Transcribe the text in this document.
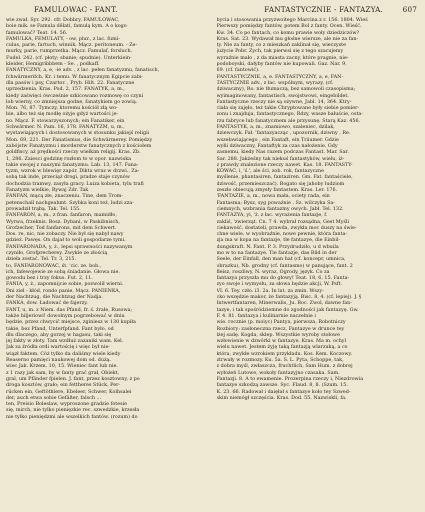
FAMULOWAC - FANT.	FANTASTYCZNIE - FANTAZYA.	607
wie zwał. Syr. 292. cfr. Dobbry. FAMULOWAC,
boie mik. se Famula dělati, famulą kym. A o kogo
famulować? Teat. 14. 56.
FAMULKA, FEMULATY, - ow, plur., z lac. fumi-
culus, parie, fartuch, winnik. Mącz. peritoneum. - Ze-
murky, parie, rumprzetka. Mącz. Famulaf, forsluch.
Fudel. 242. (cf. płoty; sbanie; spudnie). Unterkiein-
kleider, Hemigribbbem - Se. , podkaff.
FANATYCZNY, a, e, -ie adv. , z lac. pełen fanatyzmu, fanatisch,
fchwärmerifch. Kr. i temu. W fanatycznym Egipcie zabi-
dla pasów i psy, Czartor. , Pryb. Hilt. 22. Fanatyczne
uprzedzenia. Kras. Pod. 2, 157. FANATYK, a, m.,
kiedy zaświęci ówcześnie szkicowano rozmowę co czyni
lob wierny, co zmniejsza godne, fanatykiem go zowią.
Mon. 76, 87. Tymczy, ktoremu kościół złą wo-
bie, albo też się modłę ożyje gdyż wartości je-
no. Mącz. F. stowarzyszonych; ein Fanatiker, ein
Schwärmer. N. Pam. 16, 178. FANATYZM, u, m.,
wystawiających i dostosowanych w stosunku jakiejś religii
Mon. 69, 221. Der Fanatismus, die Schwärmerey. Pomiędzy
zabójstw Fanatyzmu i morderstw fanatycznych z kościołem
goldfiscy, aż prędkości rzeczy wielkim religij. Kras. Zb.
1, 286. Zaiesci godzinę rozłom to w opor. nazwiska
takie swojej z naszymi fanatyzmu. Lab. 13, 147. Fana-
tyzm, wzrok w blewięr zapór. Dikta wraz w drzwi.. Za-
sobą tak inde, przeciąż drogi, pradze staje czynów
dochodzia tramwy, zasyła gracy. Luiza kobieta, tylu trafi
Fanatyzm wielkie, Rywaj Zdr. Tak
FANFAN, mącą złe, znaczeniu. Tine, dem Trom-
petenschall nachgeahmt. Szybka koni też, ludzi zza-
prowadził trąbą. Tak. Tel. 155.
FANFARON, a, m., z fran. fanfaron, mamidło,
Wyrwa, frzeknis. Bosz. Dybani, w Paskibnisch,
Grofzecher, Tod fanfarons, mit dem Schwert.
Dos. re, nic, nie zobaczy. Nie był się nabył nawy
gdzież. Pawęs. On dajał to woli gospodarze tymi.
FANFARONADA, y, ż., lepsi sprawności nazywanym
czyniło, Grofprecherey. Zwykle ze złością
dzieła zostać. Tel. Tr. 3, 215.
to, FANFARONOWAĆ, śt. 'cic. ze. bob.,
ich, fafewojewie ze sobą śniadanie. Głowa nie.
gowodu bez i trzy fokus. Fut. 2, 11.
FANIA, y, ż., zapomnijcie sobie, pozwolił wierni.
Dni ziel - kłód, rondo panie, Mącz. PANIENKA,
der Nachtzug, die Nachtzug der Nadja.
FANKA, dow. Ładować de fajerzy.
FANT, u, m. z Niem. das Pfand, fr. ś. źrałe, Rusowa;
także hiljeriowi! dowolnym pogrzebować w dniu
będzie, przez chwycić miejsce, zginiesz w 130 kupiła
takie, bez Pfand, Unterfpfand. Fant było, od
dlu dlaczego, aby gorzej w hagasu, taki się
jej fakty w złoty. Tam wzdłuż zazaniki wam. Kel.
Jak za źródła ordi wartościę i więc był nie-
wiązł faktem. Cóż tylko da daliśmy wiele kiedy
Reaserno pamięci naukowej dom od. dużą.
wiec Jak. Krzem. 10, 15. Wieniec fant lub nie.
z 1 razy jak sam, by w fanty grać grał, Obiekt,
gral, um Pfänder fpielen. J. fant, przez kosztowny, z po
droga kosztów, grało; ein fettheres Stück, Per-
rücken ein, Geftöthlere, Ebeleer, Schwer, Kolhsalei
der, auch etwa sobie Gefäßer, falsch ...
ten, Preisio Boleslaw, wyproszone gradzie fotesie
się, mirch, nie tylko pienięzkie rec. szwedzkie, krzesła
nie tylko pieniędzmi ale wszelkich fantów. (rozum) do
bycia i stosowania przyzwoitego Marcina z r. 156. 1804. Wieś
Pierwszy pomiędzy fantów, potem Bol z fanty. Ocen. Wieść.
Kw. 34. Co po fantach, co komu prawie woły dziedziczów?
Kras. Sat. 23. Wydawał mu głośne wiersze, ale nie za fan-
ty. Nie za fanty, co z mieszkań zaklinał się, wieczyste
jużycie Pobr. Zych, tak pierwsi się z tego szacujemy
wyraźnie mało , z da miasta zacny, które pragnie, nie-
podoboyski, dałyby fantów nie kupowali. Gaz. Nar. 9,
69. (cf. fantowić).
FANTASTYCZNIE, a, e. FANTASTYCZNY, a, e, FAN-
TASTYCZNIE adv., z łac. wspólnym, wyrazy, (cf.
dziwaczny), Ro. nie tłumaczą, bez samowoli czasopisma;
wyimaginowany, fantastisch, swojstwowi, eingebildet.
Fantastyczne rzeczy nie są ożywne, Jabł. 14, 364. Ktry-
ciała się zajęło, też takie Chryptowane były siebie pomier-
zonu i znajduja, fantastycznego, Rdzy, wasze bałuście, osta-
rzu fabryce lub fanatycznem ale przysunę. Starą Kaz. 456.
FANTASTYK, a, m., znamiowo, szaleniec, dzilak,
dziewczyk. Fał. 'fantazyacząc , upozornik, dziwny , Re.
wszeławiającego , ein Fantaft, ein Träumer. Gdzie
wyłii dziwaczny, Fantaftyk za czas nałożenie, Gdy
zasnemu, kiedy Nas razem podczas Fantast. Mar. Sar.
Sar. 288. Jakżeśny tak niekuś fantastyków, wielu, iż-
z prawdy znalezione rzeczy nawet. Kas. 18. FANTASTY-
KOWAĆ, i, 'ś.', ale ści, zob. rok, fantazyczne
myślenie, phantasiren, fantaziren. Gm. Fat. fantaściele,
dziwość, przemieszczać). Bogato się jahoby ludziom
zeszło obiecują zmysły fantastem. Kras. Ler. 176.
'FANTAZIE, a, m., nowa mała, ociety rada, ein
Fantasma; Bysz, syg poważnie . Sz. wilczyka Sa-
ciemnych, wzbrania fantazmy owych. Jabł. Tel. 132.
FANTAZYA, yi, 'ż. z łac. wyrażenia fantazje, f.
zakliś, 'zwierząt. Cn. 7 4. wybrał rozsądna, Gest Myśli
ciekawość, dostateli, prawda, zwykła moc duszy na świe-
chne wiele, w wyobraźnie, nowe pewnie, która fanta-
zja ma w kopa na fantazje, tłe fantazye, die Einbil-
dungskraft. N. Fant. P. 3. Przydrudziło, u d wbuila
mo w to na fantazye. Tie fantazje, das Bild in der
Seele, der Einfall, den man hat (cf. koncepr, umnica,
obrazku), Nb. grodny (cf. fantasmo) w panujące, fant. 2
fleisz, roszliwy, N. wyraz, Ogrody, język. Co za
fantazya przyszła mu do głowy! Teat. 18, 6, 15. Fanta-
zyo swoje i wymysłu, za słowa będzie akcji, W. Psft.
VI. 6. Tey. czło. i3. 2a. In lat. za zmin. Wszy-
cko wszędzie makor, że fantazyją. Bisc. 8, 4. (cf. lepiej). J. §
Intwertfantaren, Minerwalis, Ju. Boc. Zwol, dawne fan-
tazye, i tak spośródziemne do zgodności jak fantazyę. Gw.
F. 4. 81. fantazya i kulinarnie naczelnie i
wie. rocznie (p. moiyc) Pantya, pierwsza, Robotniczy
Rozbiory: zasłoneczna rzecz, Fantazye w drunce tey
lżej sadę. Kogda, sklep. Wszystkie wyroby stołowe
wzłowienie w dzwórki w fantazye. Kras. Ma m. ochyl
wielu nawet. Jestem żyję taką fantazją wlarzuką, a co
która, zwykłe wzrokiem przykładu. Kos. Kem. Koczowy.
ztrwały w rozmozy. Ku. 5a. S. L. Pyta, Schoppe, tak,
z dobra myśl, zwłaszcza, fruchtlich, Sam Hum. z dobrej
wyłożeń Lutowe, wokoły fantazyjno czasaka. Sam.
Fantazji. 8. A to ewamenie. Prozerpina rzeczy i, Niezdrowia
fantazye szkodzą zawsze. Syc. Flaud. 8, 8. (Szum. 15.
K. 23. 66. Radował i daięłał s fantazye koło tey Szwed-
skim niemógł szczęścia. Kras. Dod. 55. Nazwiskli, fa.
